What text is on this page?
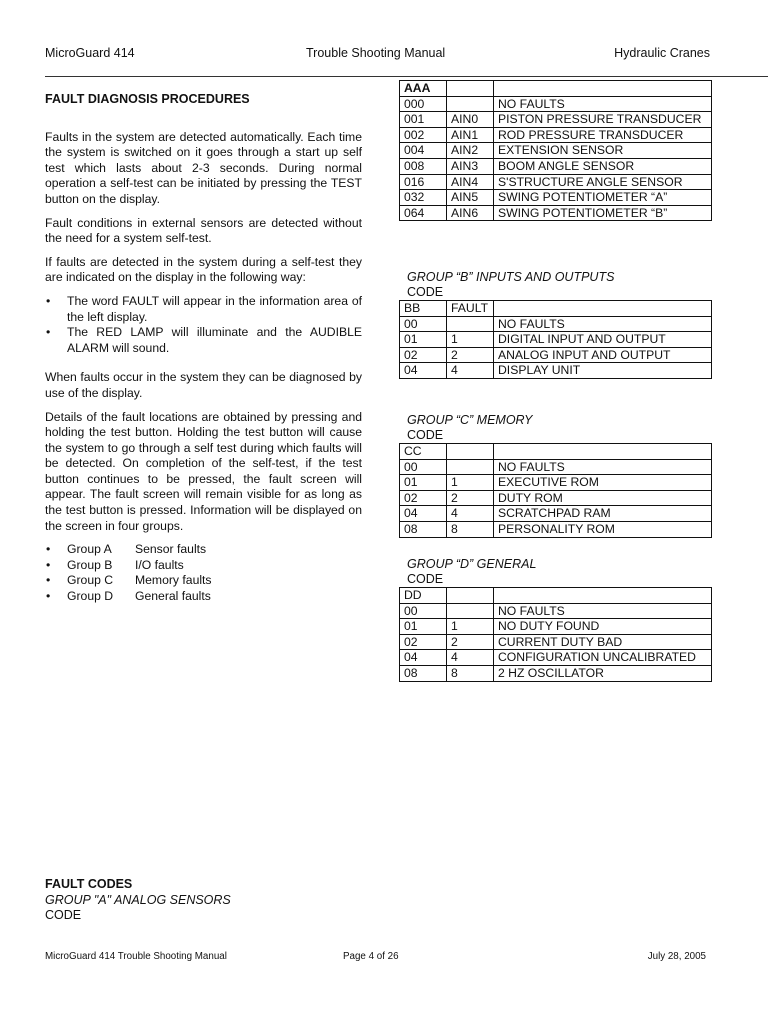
MicroGuard 414	Trouble Shooting Manual	Hydraulic Cranes
FAULT DIAGNOSIS PROCEDURES

Faults in the system are detected automatically. Each time the system is switched on it goes through a start up self test which lasts about 2-3 seconds. During normal operation a self-test can be initiated by pressing the TEST button on the display.

Fault conditions in external sensors are detected without the need for a system self-test.

If faults are detected in the system during a self-test they are indicated on the display in the following way:

• The word FAULT will appear in the information area of the left display.
• The RED LAMP will illuminate and the AUDIBLE ALARM will sound.

When faults occur in the system they can be diagnosed by use of the display.

Details of the fault locations are obtained by pressing and holding the test button. Holding the test button will cause the system to go through a self test during which faults will be detected. On completion of the self-test, if the test button continues to be pressed, the fault screen will appear. The fault screen will remain visible for as long as the test button is pressed. Information will be displayed on the screen in four groups.

• Group A Sensor faults
• Group B I/O faults
• Group C Memory faults
• Group D General faults
FAULT CODES
GROUP "A" ANALOG SENSORS
CODE
AAA		
000		NO FAULTS
001	AIN0	PISTON PRESSURE TRANSDUCER
002	AIN1	ROD PRESSURE TRANSDUCER
004	AIN2	EXTENSION SENSOR
008	AIN3	BOOM ANGLE SENSOR
016	AIN4	S'STRUCTURE ANGLE SENSOR
032	AIN5	SWING POTENTIOMETER “A”
064	AIN6	SWING POTENTIOMETER “B”
GROUP “B” INPUTS AND OUTPUTS
CODE
BB	FAULT	
00		NO FAULTS
01	1	DIGITAL INPUT AND OUTPUT
02	2	ANALOG INPUT AND OUTPUT
04	4	DISPLAY UNIT
GROUP “C” MEMORY
CODE
CC		
00		NO FAULTS
01	1	EXECUTIVE ROM
02	2	DUTY ROM
04	4	SCRATCHPAD RAM
08	8	PERSONALITY ROM
GROUP “D” GENERAL
CODE
DD		
00		NO FAULTS
01	1	NO DUTY FOUND
02	2	CURRENT DUTY BAD
04	4	CONFIGURATION UNCALIBRATED
08	8	2 HZ OSCILLATOR
MicroGuard 414 Trouble Shooting Manual	Page 4 of 26	July 28, 2005
